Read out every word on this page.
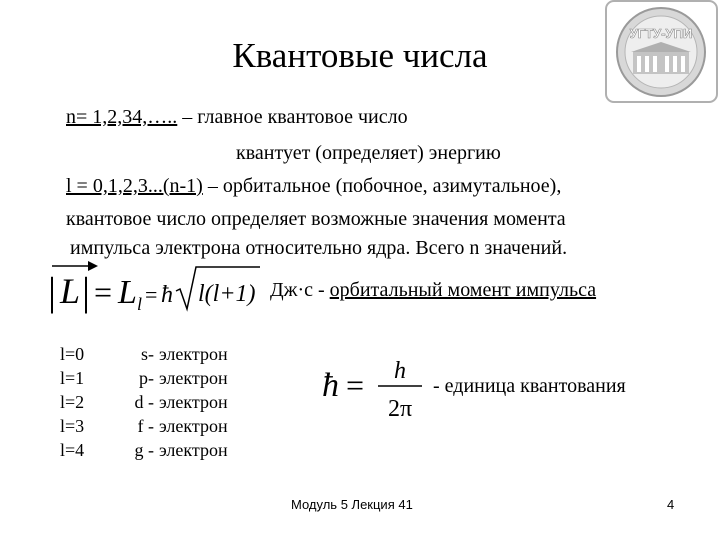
УГТУ-УПИ
Квантовые числа
n= 1,2,34,….. – главное квантовое число
квантует (определяет) энергию
l = 0,1,2,3...(n-1) – орбитальное (побочное, азимутальное),
квантовое число определяет возможные значения момента
импульса электрона относительно ядра. Всего n значений.
| L | = L l = ħ l(l+1) Дж·с - орбитальный момент импульса
l=0
l=1
l=2
l=3
l=4
s-
p-
d -
f -
g -
электрон
электрон
электрон
электрон
электрон
ħ = h
2π
- единица квантования
Модуль 5 Лекция 41	4
